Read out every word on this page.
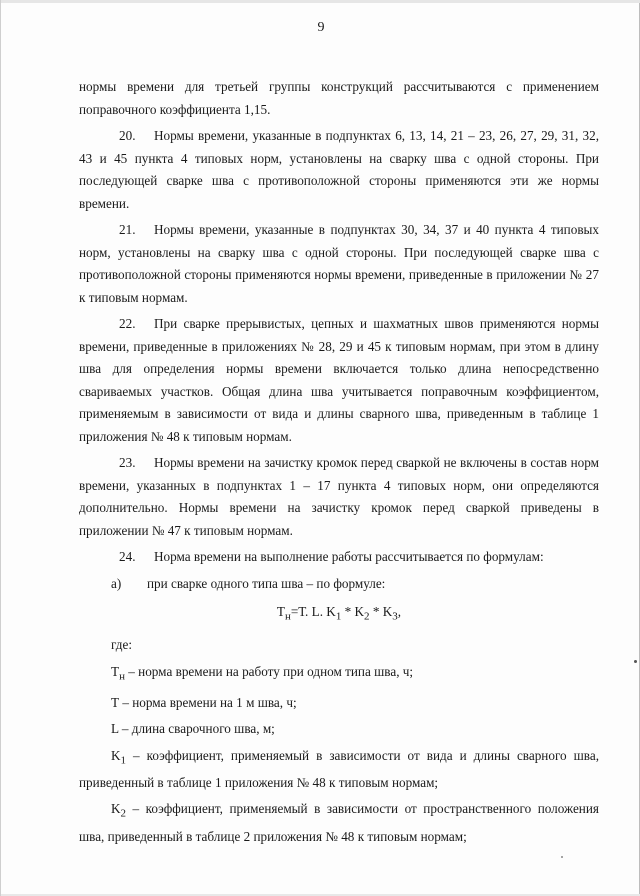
9

нормы времени для третьей группы конструкций рассчитываются с применением поправочного коэффициента 1,15.

20. Нормы времени, указанные в подпунктах 6, 13, 14, 21 – 23, 26, 27, 29, 31, 32, 43 и 45 пункта 4 типовых норм, установлены на сварку шва с одной стороны. При последующей сварке шва с противоположной стороны применяются эти же нормы времени.

21. Нормы времени, указанные в подпунктах 30, 34, 37 и 40 пункта 4 типовых норм, установлены на сварку шва с одной стороны. При последующей сварке шва с противоположной стороны применяются нормы времени, приведенные в приложении № 27 к типовым нормам.

22. При сварке прерывистых, цепных и шахматных швов применяются нормы времени, приведенные в приложениях № 28, 29 и 45 к типовым нормам, при этом в длину шва для определения нормы времени включается только длина непосредственно свариваемых участков. Общая длина шва учитывается поправочным коэффициентом, применяемым в зависимости от вида и длины сварного шва, приведенным в таблице 1 приложения № 48 к типовым нормам.

23. Нормы времени на зачистку кромок перед сваркой не включены в состав норм времени, указанных в подпунктах 1 – 17 пункта 4 типовых норм, они определяются дополнительно. Нормы времени на зачистку кромок перед сваркой приведены в приложении № 47 к типовым нормам.

24. Норма времени на выполнение работы рассчитывается по формулам:

а) при сварке одного типа шва – по формуле:

$Т_н=Т$. L. $K_1 * K_2 * K_3$,

где:

$Т_н$ – норма времени на работу при одном типа шва, ч;

Т – норма времени на 1 м шва, ч;

L – длина сварочного шва, м;

$K_1$ – коэффициент, применяемый в зависимости от вида и длины сварного шва, приведенный в таблице 1 приложения № 48 к типовым нормам;

$K_2$ – коэффициент, применяемый в зависимости от пространственного положения шва, приведенный в таблице 2 приложения № 48 к типовым нормам;
